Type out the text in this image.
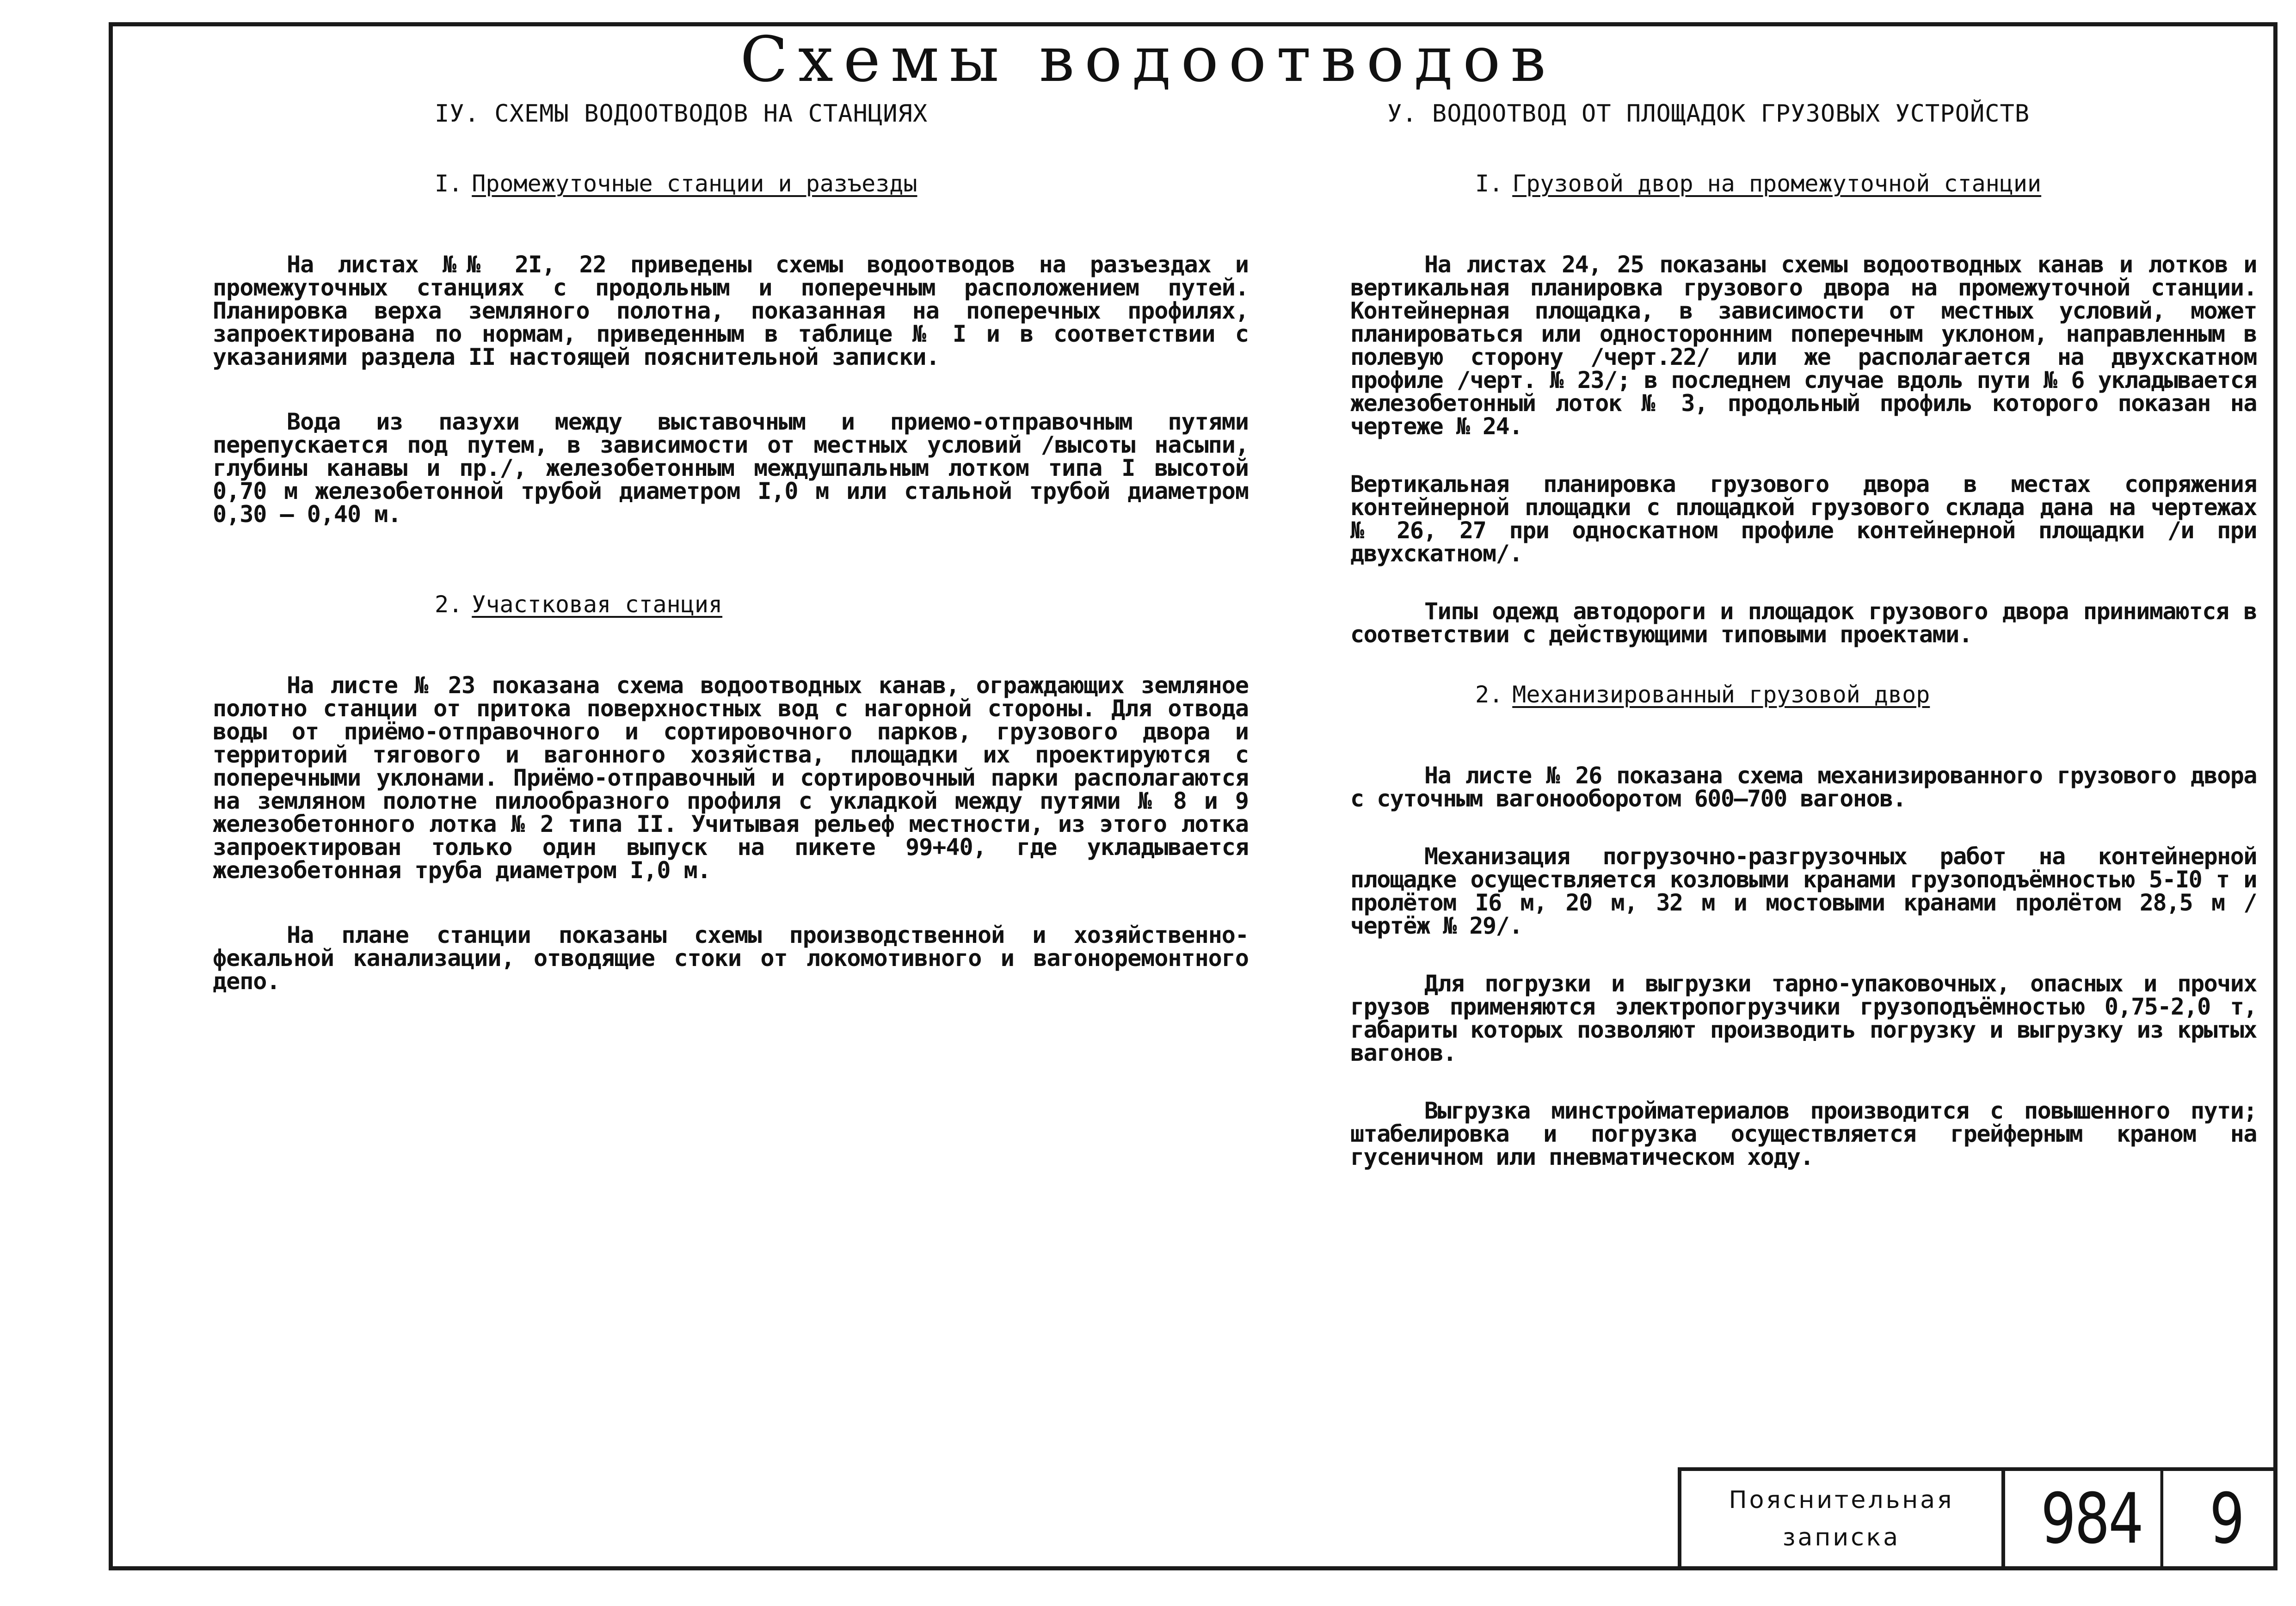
Схемы водоотводов
IУ. СХЕМЫ ВОДООТВОДОВ НА СТАНЦИЯХ
I. Промежуточные станции и разъезды

На листах №№ 2I, 22 приведены схемы водоотводов на разъездах и промежуточных станциях с продольным и поперечным расположением путей. Планировка верха земляного полотна, показанная на поперечных профилях, запроектирована по нормам, приведенным в таблице № I и в соответствии с указаниями раздела II настоящей пояснительной записки.

Вода из пазухи между выставочным и приемо-отправочным путями перепускается под путем, в зависимости от местных условий /высоты насыпи, глубины канавы и пр./, железобетонным междушпальным лотком типа I высотой 0,70 м железобетонной трубой диаметром I,0 м или стальной трубой диаметром 0,30 – 0,40 м.

2. Участковая станция

На листе № 23 показана схема водоотводных канав, ограждающих земляное полотно станции от притока поверхностных вод с нагорной стороны. Для отвода воды от приёмо-отправочного и сортировочного парков, грузового двора и территорий тягового и вагонного хозяйства, площадки их проектируются с поперечными уклонами. Приёмо-отправочный и сортировочный парки располагаются на земляном полотне пилообразного профиля с укладкой между путями № 8 и 9 железобетонного лотка № 2 типа II. Учитывая рельеф местности, из этого лотка запроектирован только один выпуск на пикете 99+40, где укладывается железобетонная труба диаметром I,0 м.

На плане станции показаны схемы производственной и хозяйственно-фекальной канализации, отводящие стоки от локомотивного и вагоноремонтного депо.

У. ВОДООТВОД ОТ ПЛОЩАДОК ГРУЗОВЫХ УСТРОЙСТВ
I. Грузовой двор на промежуточной станции

На листах 24, 25 показаны схемы водоотводных канав и лотков и вертикальная планировка грузового двора на промежуточной станции. Контейнерная площадка, в зависимости от местных условий, может планироваться или односторонним поперечным уклоном, направленным в полевую сторону /черт.22/ или же располагается на двухскатном профиле /черт. № 23/; в последнем случае вдоль пути № 6 укладывается железобетонный лоток № 3, продольный профиль которого показан на чертеже № 24.

Вертикальная планировка грузового двора в местах сопряжения контейнерной площадки с площадкой грузового склада дана на чертежах № 26, 27 при односкатном профиле контейнерной площадки /и при двухскатном/.

Типы одежд автодороги и площадок грузового двора принимаются в соответствии с действующими типовыми проектами.

2. Механизированный грузовой двор

На листе № 26 показана схема механизированного грузового двора с суточным вагонооборотом 600–700 вагонов.

Механизация погрузочно-разгрузочных работ на контейнерной площадке осуществляется козловыми кранами грузоподъёмностью 5-I0 т и пролётом I6 м, 20 м, 32 м и мостовыми кранами пролётом 28,5 м /чертёж № 29/.

Для погрузки и выгрузки тарно-упаковочных, опасных и прочих грузов применяются электропогрузчики грузоподъёмностью 0,75-2,0 т, габариты которых позволяют производить погрузку и выгрузку из крытых вагонов.

Выгрузка минстройматериалов производится с повышенного пути; штабелировка и погрузка осуществляется грейферным краном на гусеничном или пневматическом ходу.

Пояснительная
записка 984 9
